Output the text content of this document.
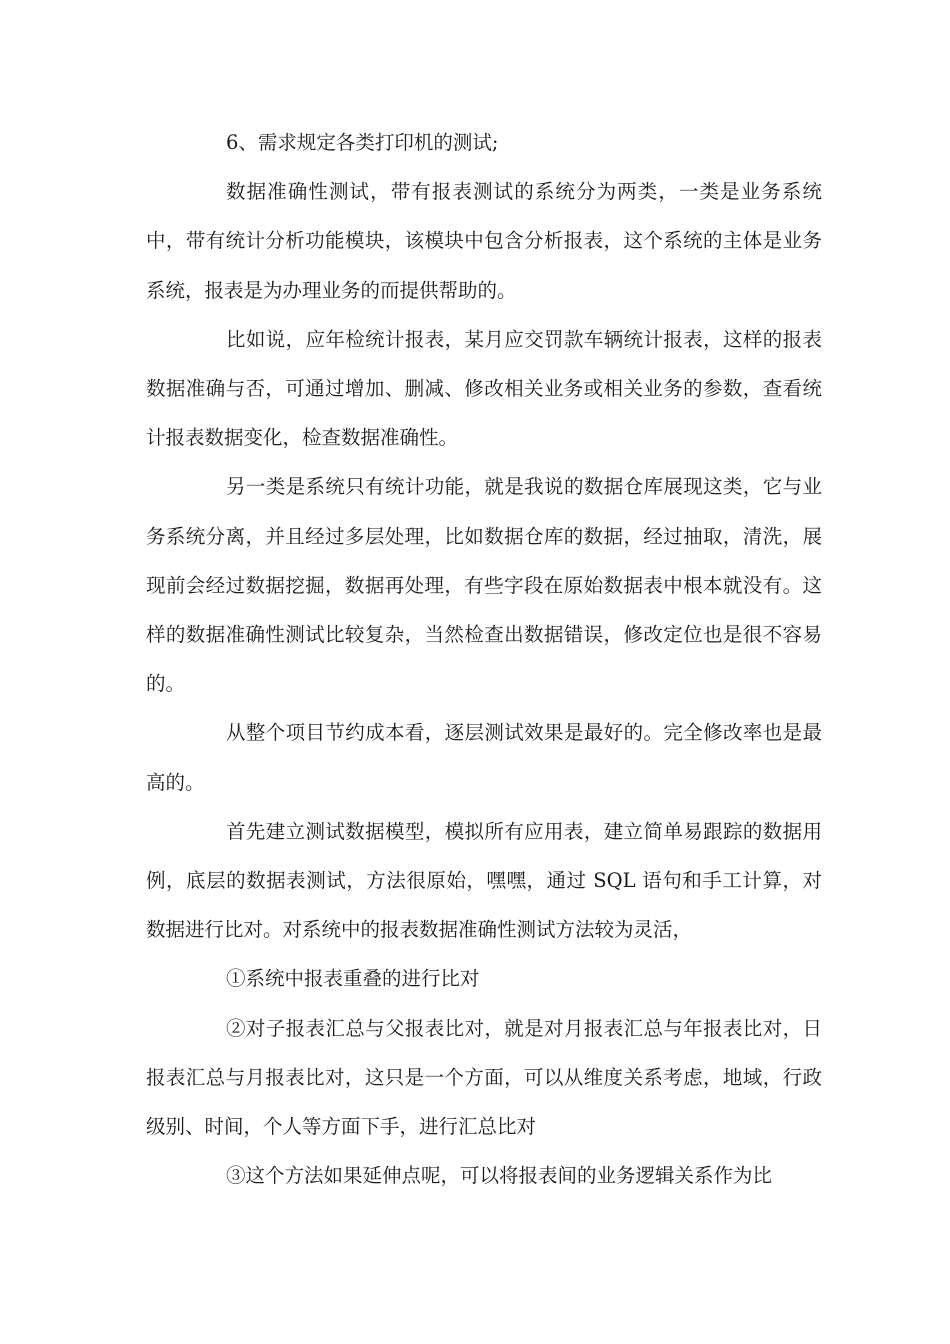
6、需求规定各类打印机的测试;

数据准确性测试，带有报表测试的系统分为两类，一类是业务系统中，带有统计分析功能模块，该模块中包含分析报表，这个系统的主体是业务系统，报表是为办理业务的而提供帮助的。

比如说，应年检统计报表，某月应交罚款车辆统计报表，这样的报表数据准确与否，可通过增加、删减、修改相关业务或相关业务的参数，查看统计报表数据变化，检查数据准确性。

另一类是系统只有统计功能，就是我说的数据仓库展现这类，它与业务系统分离，并且经过多层处理，比如数据仓库的数据，经过抽取，清洗，展现前会经过数据挖掘，数据再处理，有些字段在原始数据表中根本就没有。这样的数据准确性测试比较复杂，当然检查出数据错误，修改定位也是很不容易的。

从整个项目节约成本看，逐层测试效果是最好的。完全修改率也是最高的。

首先建立测试数据模型，模拟所有应用表，建立简单易跟踪的数据用例，底层的数据表测试，方法很原始，嘿嘿，通过 SQL 语句和手工计算，对数据进行比对。对系统中的报表数据准确性测试方法较为灵活，

①系统中报表重叠的进行比对

②对子报表汇总与父报表比对，就是对月报表汇总与年报表比对，日报表汇总与月报表比对，这只是一个方面，可以从维度关系考虑，地域，行政级别、时间，个人等方面下手，进行汇总比对

③这个方法如果延伸点呢，可以将报表间的业务逻辑关系作为比
